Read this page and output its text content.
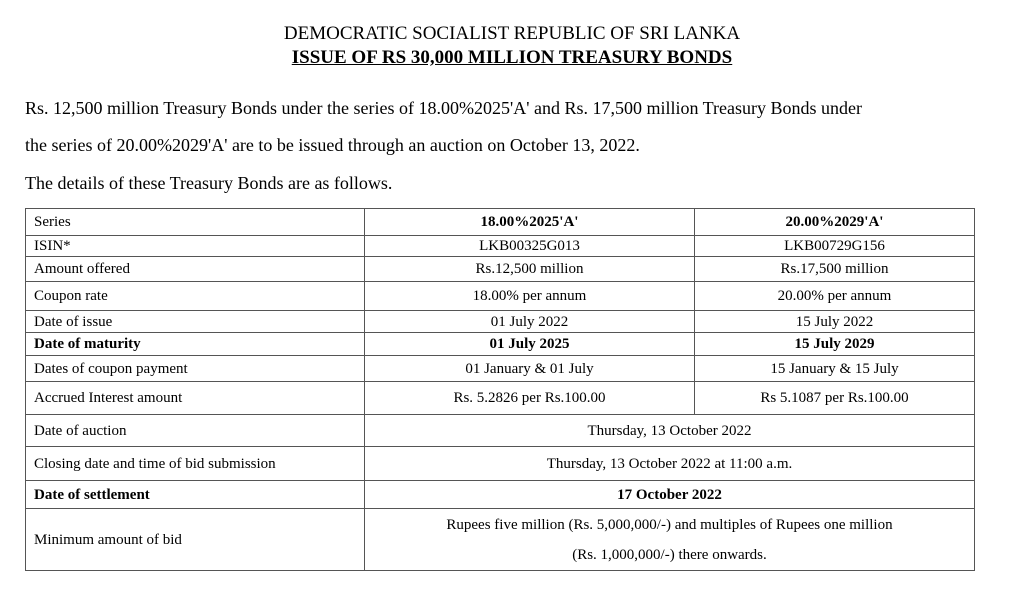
DEMOCRATIC SOCIALIST REPUBLIC OF SRI LANKA
ISSUE OF RS 30,000 MILLION TREASURY BONDS
Rs. 12,500 million Treasury Bonds under the series of 18.00%2025'A' and Rs. 17,500 million Treasury Bonds under
the series of 20.00%2029'A' are to be issued through an auction on October 13, 2022.
The details of these Treasury Bonds are as follows.
Series	18.00%2025'A'	20.00%2029'A'
ISIN*	LKB00325G013	LKB00729G156
Amount offered	Rs.12,500 million	Rs.17,500 million
Coupon rate	18.00% per annum	20.00% per annum
Date of issue	01 July 2022	15 July 2022
Date of maturity	01 July 2025	15 July 2029
Dates of coupon payment	01 January & 01 July	15 January & 15 July
Accrued Interest amount	Rs. 5.2826 per Rs.100.00	Rs 5.1087 per Rs.100.00
Date of auction	Thursday, 13 October 2022	
Closing date and time of bid submission	Thursday, 13 October 2022 at 11:00 a.m.	
Date of settlement	17 October 2022	
Minimum amount of bid	Rupees five million (Rs. 5,000,000/-) and multiples of Rupees one million
(Rs. 1,000,000/-) there onwards.	
